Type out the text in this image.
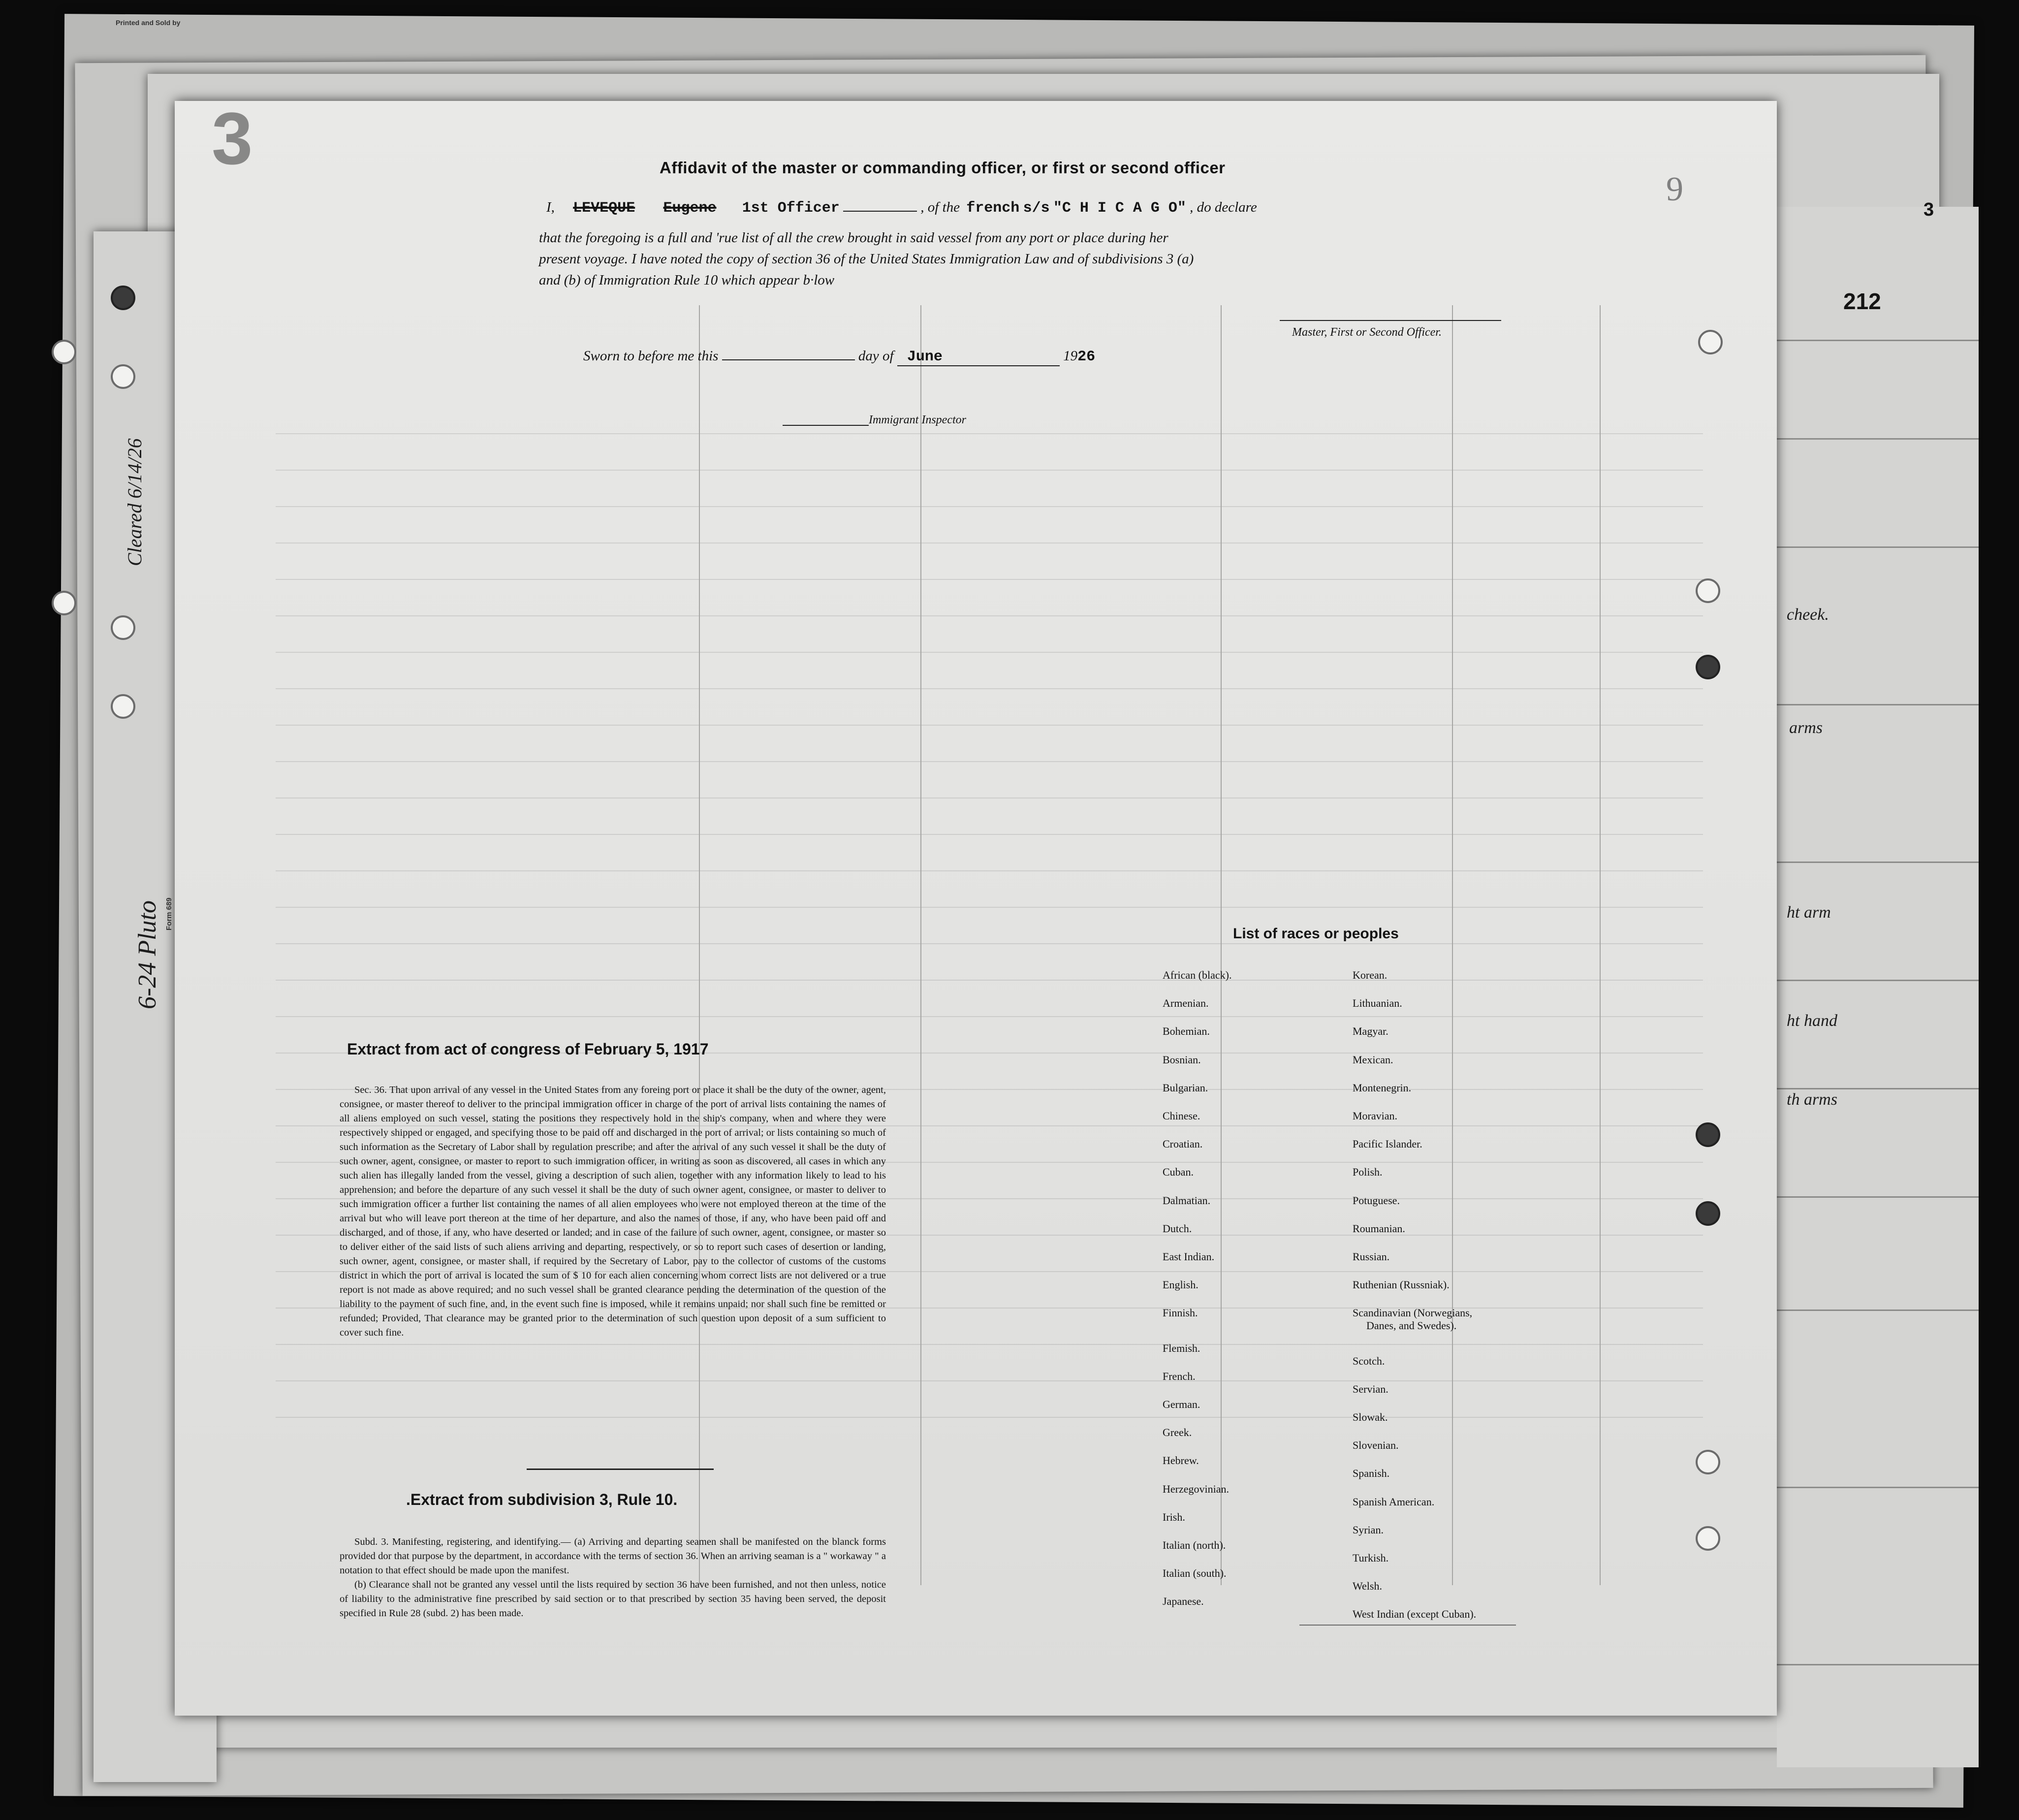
Printed and Sold by
212
3
3
9
Affidavit of the master or commanding officer, or first or second officer
I, LEVEQUE Eugene 1st Officer	, of the french s/s "C H I C A G O" , do declare
that the foregoing is a full and 'rue list of all the crew brought in said vessel from any port or place during her
present voyage. I have noted the copy of section 36 of the United States Immigration Law and of subdivisions 3 (a)
and (b) of Immigration Rule 10 which appear b·low
Master, First or Second Officer.
Sworn to before me this	day of June	1926
Immigrant Inspector
Extract from act of congress of February 5, 1917

Sec. 36. That upon arrival of any vessel in the United States from any foreing port or place it shall be the duty of the owner, agent, consignee, or master thereof to deliver to the principal immigration officer in charge of the port of arrival lists containing the names of all aliens employed on such vessel, stating the positions they respectively hold in the ship's company, when and where they were respectively shipped or engaged, and specifying those to be paid off and discharged in the port of arrival; or lists containing so much of such information as the Secretary of Labor shall by regulation prescribe; and after the arrival of any such vessel it shall be the duty of such owner, agent, consignee, or master to report to such immigration officer, in writing as soon as discovered, all cases in which any such alien has illegally landed from the vessel, giving a description of such alien, together with any information likely to lead to his apprehension; and before the departure of any such vessel it shall be the duty of such owner agent, consignee, or master to deliver to such immigration officer a further list containing the names of all alien employees who were not employed thereon at the time of the arrival but who will leave port thereon at the time of her departure, and also the names of those, if any, who have been paid off and discharged, and of those, if any, who have deserted or landed; and in case of the failure of such owner, agent, consignee, or master so to deliver either of the said lists of such aliens arriving and departing, respectively, or so to report such cases of desertion or landing, such owner, agent, consignee, or master shall, if required by the Secretary of Labor, pay to the collector of customs of the customs district in which the port of arrival is located the sum of $ 10 for each alien concerning whom correct lists are not delivered or a true report is not made as above required; and no such vessel shall be granted clearance pending the determination of the question of the liability to the payment of such fine, and, in the event such fine is imposed, while it remains unpaid; nor shall such fine be remitted or refunded; Provided, That clearance may be granted prior to the determination of such question upon deposit of a sum sufficient to cover such fine.

.Extract from subdivision 3, Rule 10.

Subd. 3. Manifesting, registering, and identifying.— (a) Arriving and departing seamen shall be manifested on the blanck forms provided dor that purpose by the department, in accordance with the terms of section 36. When an arriving seaman is a " workaway " a notation to that effect should be made upon the manifest.

(b) Clearance shall not be granted any vessel until the lists required by section 36 have been furnished, and not then unless, notice of liability to the administrative fine prescribed by said section or to that prescribed by section 35 having been served, the deposit specified in Rule 28 (subd. 2) has been made.

List of races or peoples
African (black).
Armenian.
Bohemian.
Bosnian.
Bulgarian.
Chinese.
Croatian.
Cuban.
Dalmatian.
Dutch.
East Indian.
English.
Finnish.
Flemish.
French.
German.
Greek.
Hebrew.
Herzegovinian.
Irish.
Italian (north).
Italian (south).
Japanese.
Korean.
Lithuanian.
Magyar.
Mexican.
Montenegrin.
Moravian.
Pacific Islander.
Polish.
Potuguese.
Roumanian.
Russian.
Ruthenian (Russniak).
Scandinavian (Norwegians,
Danes, and Swedes).
Scotch.
Servian.
Slowak.
Slovenian.
Spanish.
Spanish American.
Syrian.
Turkish.
Welsh.
West Indian (except Cuban).
Cleared 6/14/26
6-24 Pluto Form 689
cheek.
arms
ht arm
ht hand
th arms
